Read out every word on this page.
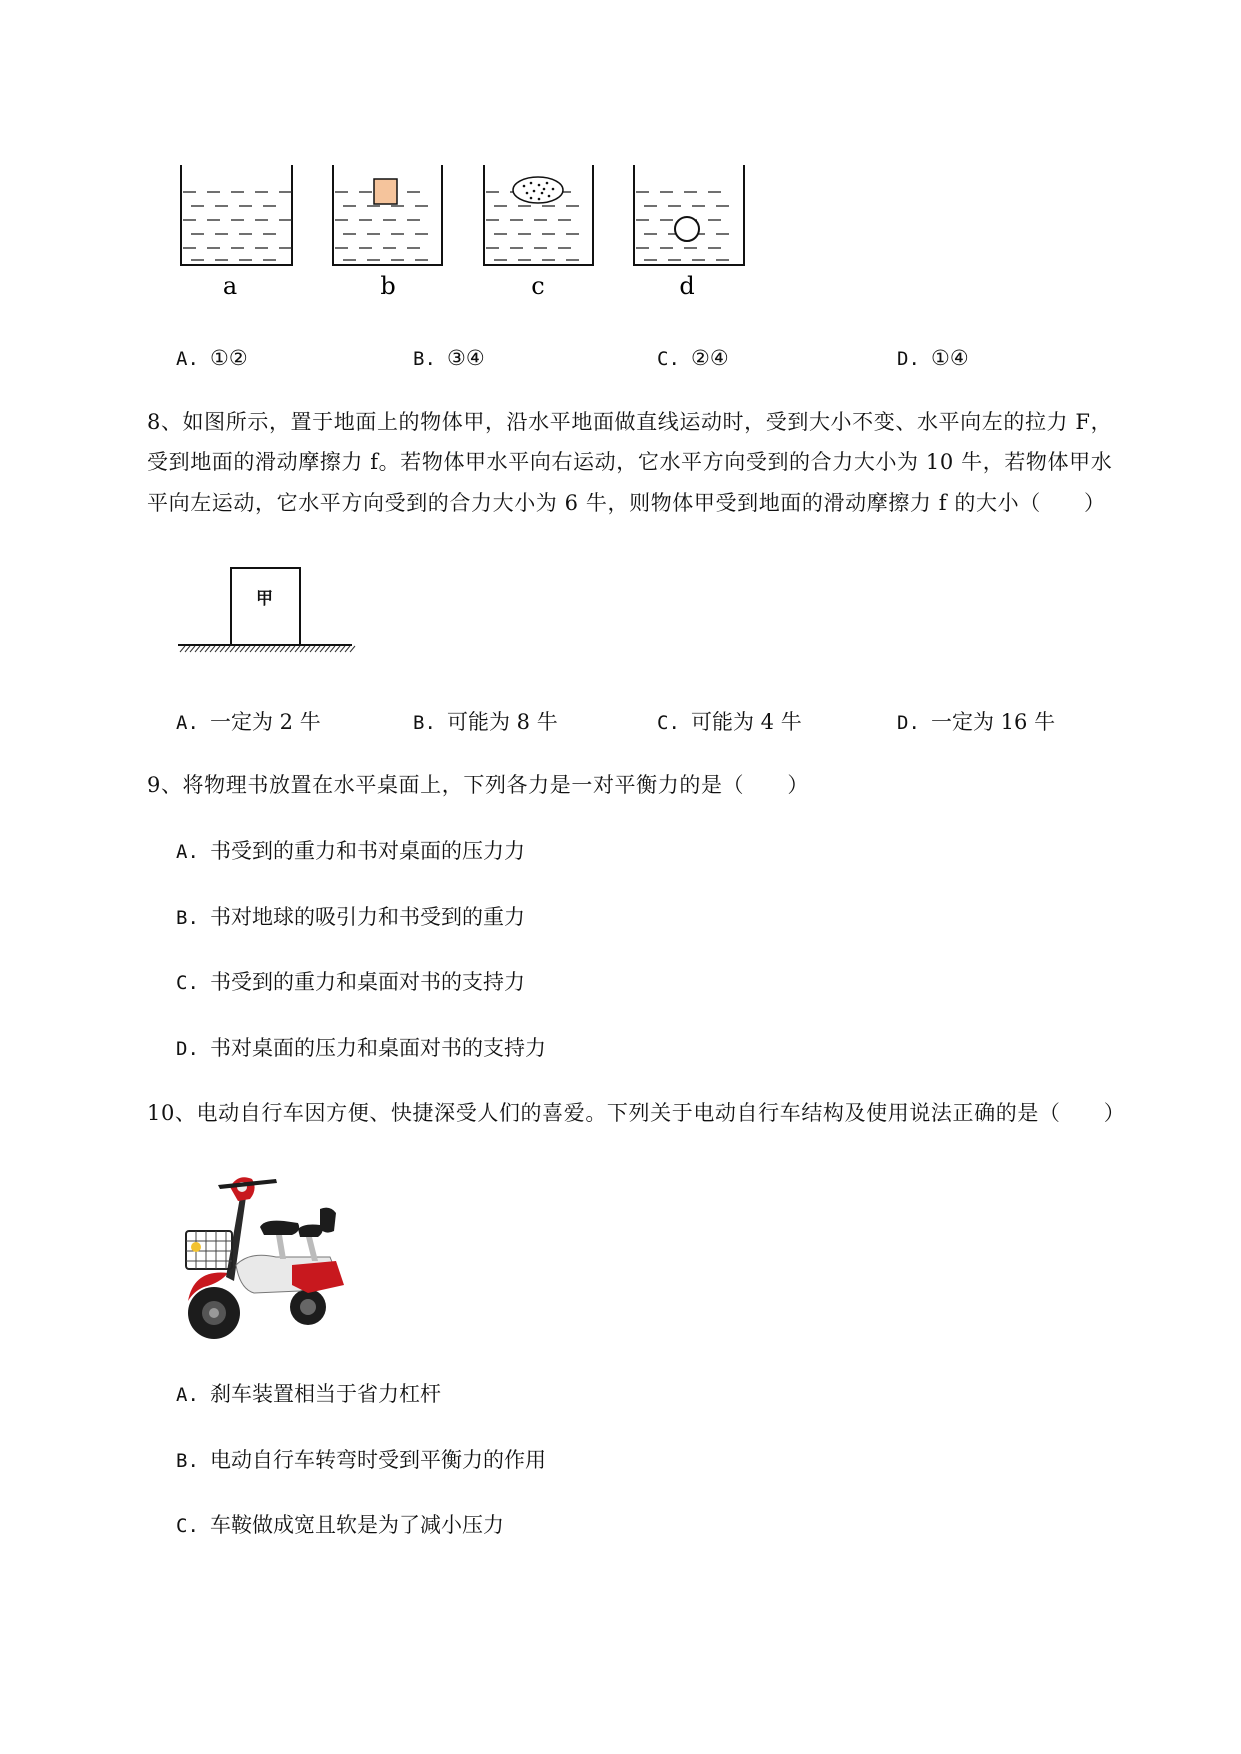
a	b	c	d
A. ①②	B. ③④	C. ②④	D. ①④
8、如图所示，置于地面上的物体甲，沿水平地面做直线运动时，受到大小不变、水平向左的拉力 F，
受到地面的滑动摩擦力 f。若物体甲水平向右运动，它水平方向受到的合力大小为 10 牛，若物体甲水
平向左运动，它水平方向受到的合力大小为 6 牛，则物体甲受到地面的滑动摩擦力 f 的大小（　　）
甲
A. 一定为 2 牛	B. 可能为 8 牛	C. 可能为 4 牛	D. 一定为 16 牛
9、将物理书放置在水平桌面上，下列各力是一对平衡力的是（　　）
A. 书受到的重力和书对桌面的压力力
B. 书对地球的吸引力和书受到的重力
C. 书受到的重力和桌面对书的支持力
D. 书对桌面的压力和桌面对书的支持力
10、电动自行车因方便、快捷深受人们的喜爱。下列关于电动自行车结构及使用说法正确的是（　　）
A. 刹车装置相当于省力杠杆
B. 电动自行车转弯时受到平衡力的作用
C. 车鞍做成宽且软是为了减小压力
